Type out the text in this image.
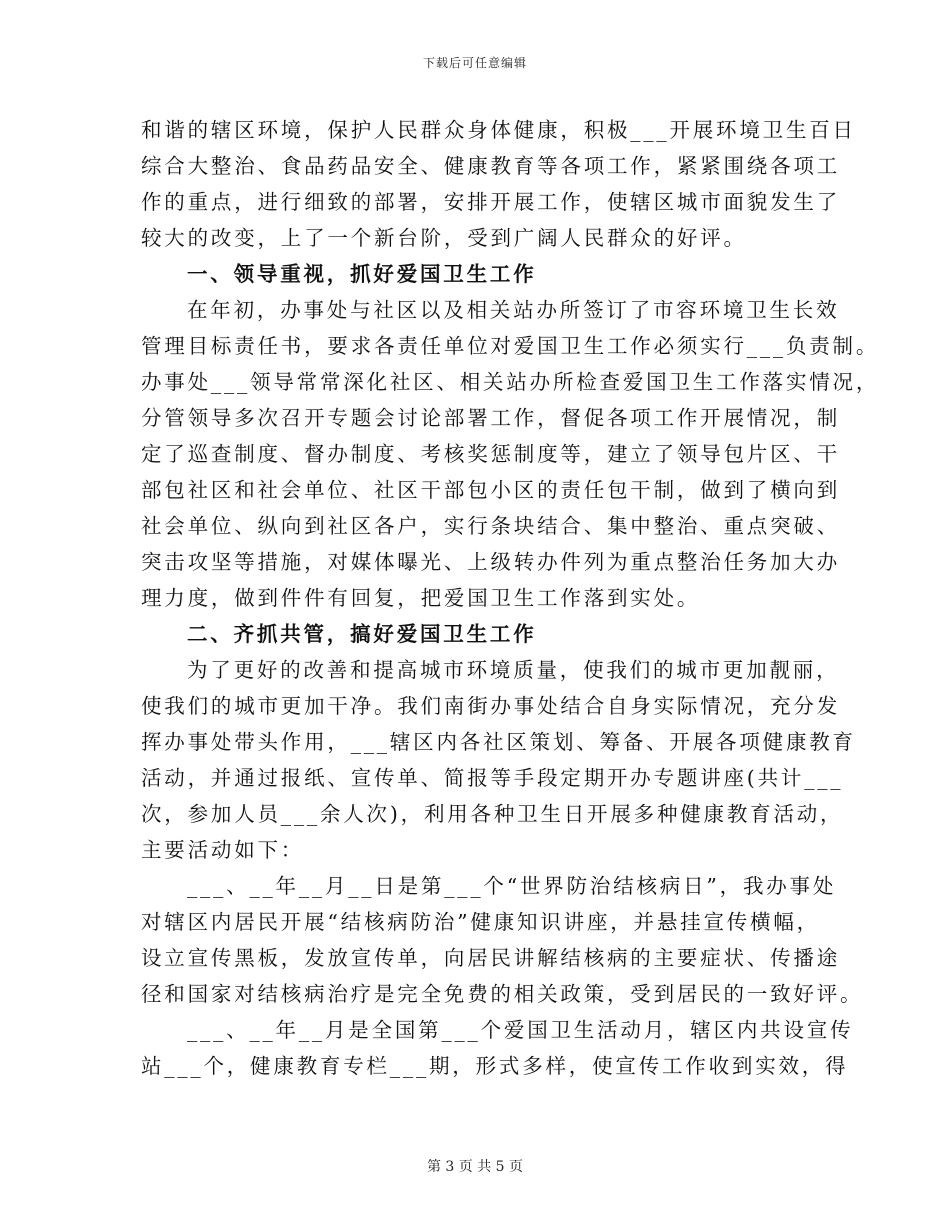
下载后可任意编辑
和谐的辖区环境，保护人民群众身体健康，积极___开展环境卫生百日
综合大整治、食品药品安全、健康教育等各项工作，紧紧围绕各项工
作的重点，进行细致的部署，安排开展工作，使辖区城市面貌发生了
较大的改变，上了一个新台阶，受到广阔人民群众的好评。
一、领导重视，抓好爱国卫生工作
在年初，办事处与社区以及相关站办所签订了市容环境卫生长效
管理目标责任书，要求各责任单位对爱国卫生工作必须实行___负责制。
办事处___领导常常深化社区、相关站办所检查爱国卫生工作落实情况，
分管领导多次召开专题会讨论部署工作，督促各项工作开展情况，制
定了巡查制度、督办制度、考核奖惩制度等，建立了领导包片区、干
部包社区和社会单位、社区干部包小区的责任包干制，做到了横向到
社会单位、纵向到社区各户，实行条块结合、集中整治、重点突破、
突击攻坚等措施，对媒体曝光、上级转办件列为重点整治任务加大办
理力度，做到件件有回复，把爱国卫生工作落到实处。
二、齐抓共管，搞好爱国卫生工作
为了更好的改善和提高城市环境质量，使我们的城市更加靓丽，
使我们的城市更加干净。我们南街办事处结合自身实际情况，充分发
挥办事处带头作用，___辖区内各社区策划、筹备、开展各项健康教育
活动，并通过报纸、宣传单、简报等手段定期开办专题讲座(共计___
次，参加人员___余人次)，利用各种卫生日开展多种健康教育活动，
主要活动如下：
___、__年__月__日是第___个“世界防治结核病日”，我办事处
对辖区内居民开展“结核病防治”健康知识讲座，并悬挂宣传横幅，
设立宣传黑板，发放宣传单，向居民讲解结核病的主要症状、传播途
径和国家对结核病治疗是完全免费的相关政策，受到居民的一致好评。
___、__年__月是全国第___个爱国卫生活动月，辖区内共设宣传
站___个，健康教育专栏___期，形式多样，使宣传工作收到实效，得
第 3 页 共 5 页
